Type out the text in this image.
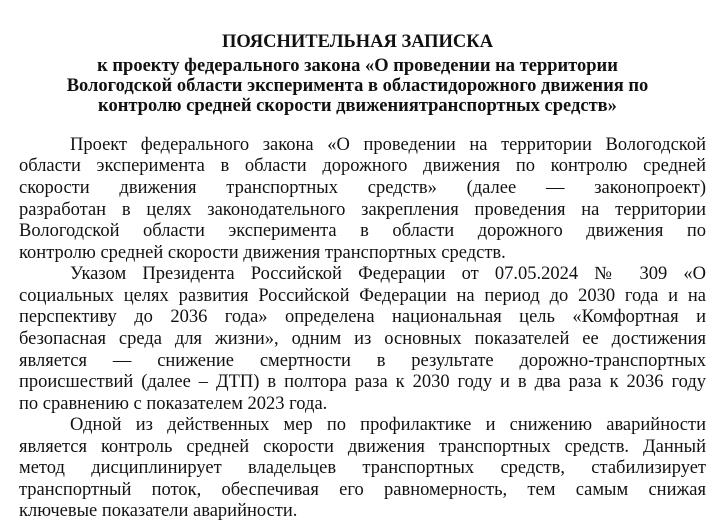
ПОЯСНИТЕЛЬНАЯ ЗАПИСКА
к проекту федерального закона «О проведении на территории
Вологодской области эксперимента в областидорожного движения по
контролю средней скорости движениятранспортных средств»
Проект федерального закона «О проведении на территории Вологодской
области эксперимента в области дорожного движения по контролю средней
скорости движения транспортных средств» (далее — законопроект)
разработан в целях законодательного закрепления проведения на территории
Вологодской области эксперимента в области дорожного движения по
контролю средней скорости движения транспортных средств.
Указом Президента Российской Федерации от 07.05.2024 № 309 «О
социальных целях развития Российской Федерации на период до 2030 года и на
перспективу до 2036 года» определена национальная цель «Комфортная и
безопасная среда для жизни», одним из основных показателей ее достижения
является — снижение смертности в результате дорожно-транспортных
происшествий (далее – ДТП) в полтора раза к 2030 году и в два раза к 2036 году
по сравнению с показателем 2023 года.
Одной из действенных мер по профилактике и снижению аварийности
является контроль средней скорости движения транспортных средств. Данный
метод дисциплинирует владельцев транспортных средств, стабилизирует
транспортный поток, обеспечивая его равномерность, тем самым снижая
ключевые показатели аварийности.
